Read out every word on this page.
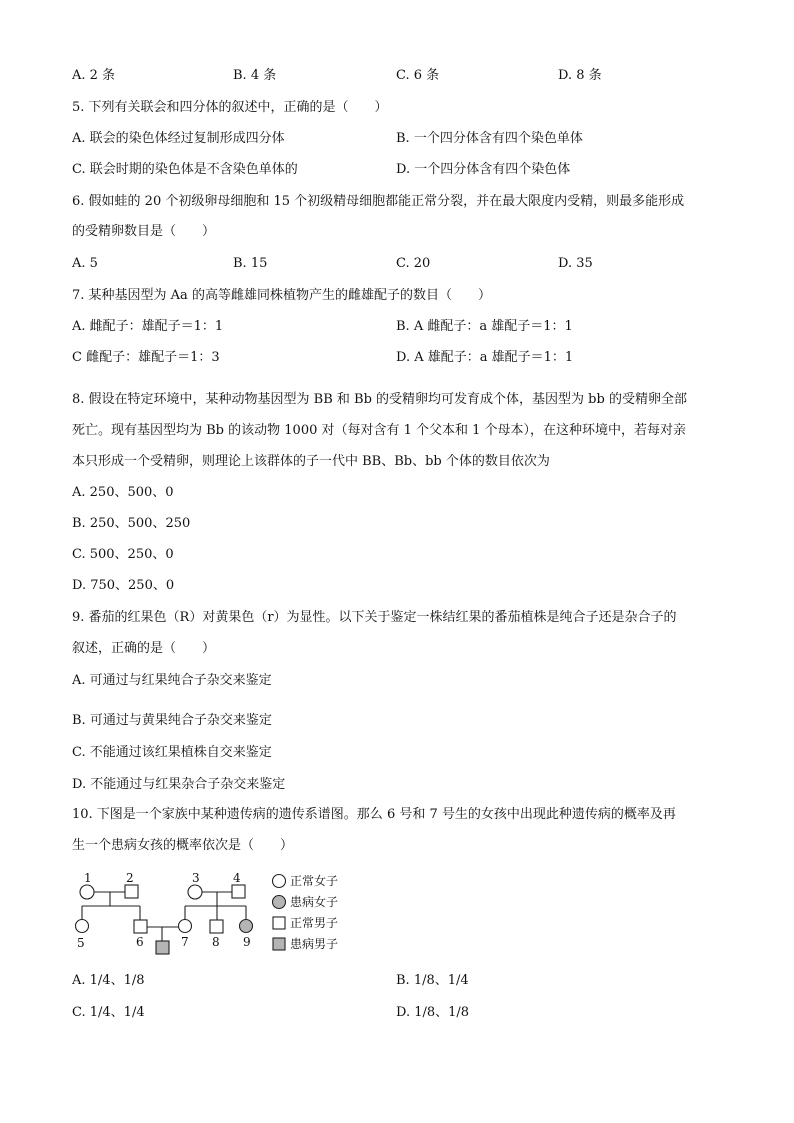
A. 2 条	B. 4 条	C. 6 条	D. 8 条
5. 下列有关联会和四分体的叙述中，正确的是（　　）
A. 联会的染色体经过复制形成四分体	B. 一个四分体含有四个染色单体
C. 联会时期的染色体是不含染色单体的	D. 一个四分体含有四个染色体
6. 假如蛙的 20 个初级卵母细胞和 15 个初级精母细胞都能正常分裂，并在最大限度内受精，则最多能形成
的受精卵数目是（　　）
A. 5	B. 15	C. 20	D. 35
7. 某种基因型为 Aa 的高等雌雄同株植物产生的雌雄配子的数目（　　）
A. 雌配子：雄配子＝1：1	B. A 雌配子：a 雄配子＝1：1
C 雌配子：雄配子＝1：3	D. A 雄配子：a 雄配子＝1：1
8. 假设在特定环境中，某种动物基因型为 BB 和 Bb 的受精卵均可发育成个体，基因型为 bb 的受精卵全部
死亡。现有基因型均为 Bb 的该动物 1000 对（每对含有 1 个父本和 1 个母本），在这种环境中，若每对亲
本只形成一个受精卵，则理论上该群体的子一代中 BB、Bb、bb 个体的数目依次为
A. 250、500、0
B. 250、500、250
C. 500、250、0
D. 750、250、0
9. 番茄的红果色（R）对黄果色（r）为显性。以下关于鉴定一株结红果的番茄植株是纯合子还是杂合子的
叙述，正确的是（　　）
A. 可通过与红果纯合子杂交来鉴定
B. 可通过与黄果纯合子杂交来鉴定
C. 不能通过该红果植株自交来鉴定
D. 不能通过与红果杂合子杂交来鉴定
10. 下图是一个家族中某种遗传病的遗传系谱图。那么 6 号和 7 号生的女孩中出现此种遗传病的概率及再
生一个患病女孩的概率依次是（　　）
1	2	3	4
5	6	7 8 9
正常女子
患病女子
正常男子
患病男子
A. 1/4、1/8	B. 1/8、1/4
C. 1/4、1/4	D. 1/8、1/8
